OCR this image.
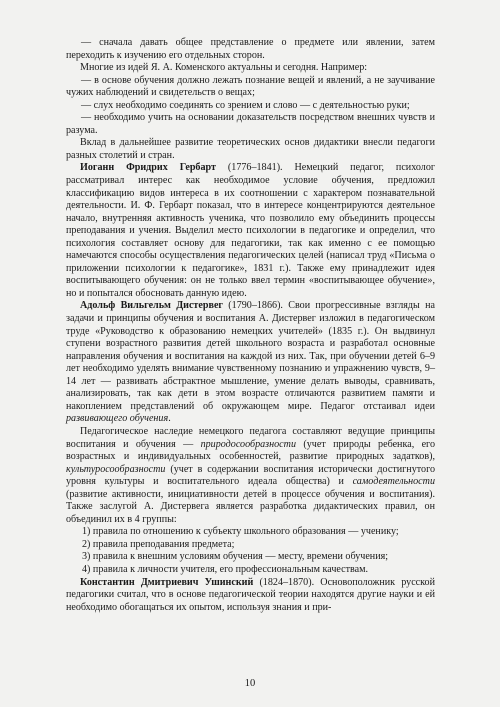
— сначала давать общее представление о предмете или явлении, затем переходить к изучению его отдельных сторон.

Многие из идей Я. А. Коменского актуальны и сегодня. Например:

— в основе обучения должно лежать познание вещей и явлений, а не заучивание чужих наблюдений и свидетельств о вещах;

— слух необходимо соединять со зрением и слово — с деятельностью руки;

— необходимо учить на основании доказательств посредством внешних чувств и разума.

Вклад в дальнейшее развитие теоретических основ дидактики внесли педагоги разных столетий и стран.

Иоганн Фридрих Гербарт (1776–1841). Немецкий педагог, психолог рассматривал интерес как необходимое условие обучения, предложил классификацию видов интереса в их соотношении с характером познавательной деятельности. И. Ф. Гербарт показал, что в интересе концентрируются деятельное начало, внутренняя активность ученика, что позволило ему объединить процессы преподавания и учения. Выделил место психологии в педагогике и определил, что психология составляет основу для педагогики, так как именно с ее помощью намечаются способы осуществления педагогических целей (написал труд «Письма о приложении психологии к педагогике», 1831 г.). Также ему принадлежит идея воспитывающего обучения: он не только ввел термин «воспитывающее обучение», но и попытался обосновать данную идею.

Адольф Вильгельм Дистервег (1790–1866). Свои прогрессивные взгляды на задачи и принципы обучения и воспитания А. Дистервег изложил в педагогическом труде «Руководство к образованию немецких учителей» (1835 г.). Он выдвинул ступени возрастного развития детей школьного возраста и разработал основные направления обучения и воспитания на каждой из них. Так, при обучении детей 6–9 лет необходимо уделять внимание чувственному познанию и упражнению чувств, 9–14 лет — развивать абстрактное мышление, умение делать выводы, сравнивать, анализировать, так как дети в этом возрасте отличаются развитием памяти и накоплением представлений об окружающем мире. Педагог отстаивал идеи развивающего обучения.

Педагогическое наследие немецкого педагога составляют ведущие принципы воспитания и обучения — природосообразности (учет природы ребенка, его возрастных и индивидуальных особенностей, развитие природных задатков), культуросообразности (учет в содержании воспитания исторически достигнутого уровня культуры и воспитательного идеала общества) и самодеятельности (развитие активности, инициативности детей в процессе обучения и воспитания). Также заслугой А. Дистервега является разработка дидактических правил, он объединил их в 4 группы:

1) правила по отношению к субъекту школьного образования — ученику;

2) правила преподавания предмета;

3) правила к внешним условиям обучения — месту, времени обучения;

4) правила к личности учителя, его профессиональным качествам.

Константин Дмитриевич Ушинский (1824–1870). Основоположник русской педагогики считал, что в основе педагогической теории находятся другие науки и ей необходимо обогащаться их опытом, используя знания и при-

10
